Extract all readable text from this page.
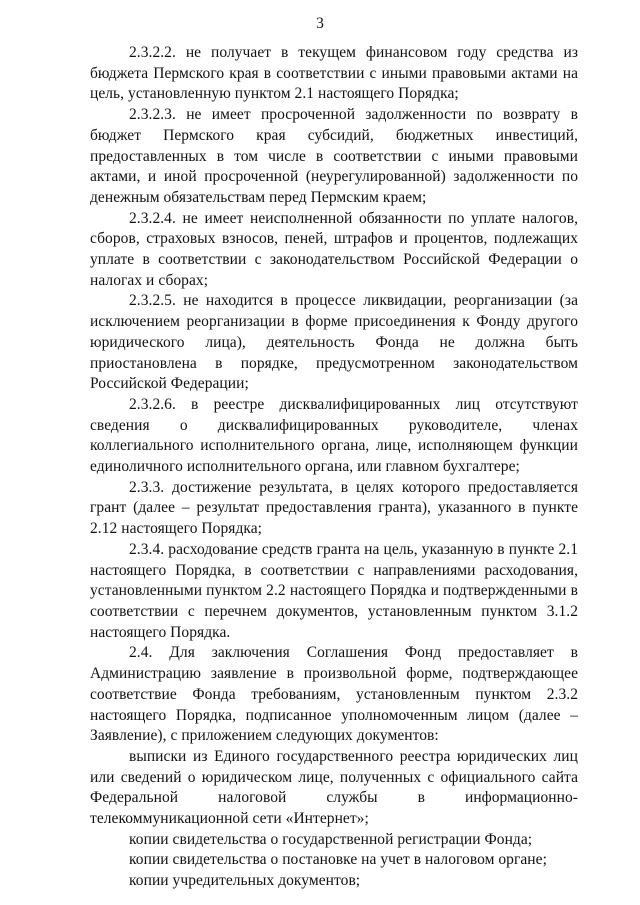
3

2.3.2.2. не получает в текущем финансовом году средства из бюджета Пермского края в соответствии с иными правовыми актами на цель, установленную пунктом 2.1 настоящего Порядка;

2.3.2.3. не имеет просроченной задолженности по возврату в бюджет Пермского края субсидий, бюджетных инвестиций, предоставленных в том числе в соответствии с иными правовыми актами, и иной просроченной (неурегулированной) задолженности по денежным обязательствам перед Пермским краем;

2.3.2.4. не имеет неисполненной обязанности по уплате налогов, сборов, страховых взносов, пеней, штрафов и процентов, подлежащих уплате в соответствии с законодательством Российской Федерации о налогах и сборах;

2.3.2.5. не находится в процессе ликвидации, реорганизации (за исключением реорганизации в форме присоединения к Фонду другого юридического лица), деятельность Фонда не должна быть приостановлена в порядке, предусмотренном законодательством Российской Федерации;

2.3.2.6. в реестре дисквалифицированных лиц отсутствуют сведения о дисквалифицированных руководителе, членах коллегиального исполнительного органа, лице, исполняющем функции единоличного исполнительного органа, или главном бухгалтере;

2.3.3. достижение результата, в целях которого предоставляется грант (далее – результат предоставления гранта), указанного в пункте 2.12 настоящего Порядка;

2.3.4. расходование средств гранта на цель, указанную в пункте 2.1 настоящего Порядка, в соответствии с направлениями расходования, установленными пунктом 2.2 настоящего Порядка и подтвержденными в соответствии с перечнем документов, установленным пунктом 3.1.2 настоящего Порядка.

2.4. Для заключения Соглашения Фонд предоставляет в Администрацию заявление в произвольной форме, подтверждающее соответствие Фонда требованиям, установленным пунктом 2.3.2 настоящего Порядка, подписанное уполномоченным лицом (далее – Заявление), с приложением следующих документов:

выписки из Единого государственного реестра юридических лиц или сведений о юридическом лице, полученных с официального сайта Федеральной налоговой службы в информационно-телекоммуникационной сети «Интернет»;

копии свидетельства о государственной регистрации Фонда;

копии свидетельства о постановке на учет в налоговом органе;

копии учредительных документов;
